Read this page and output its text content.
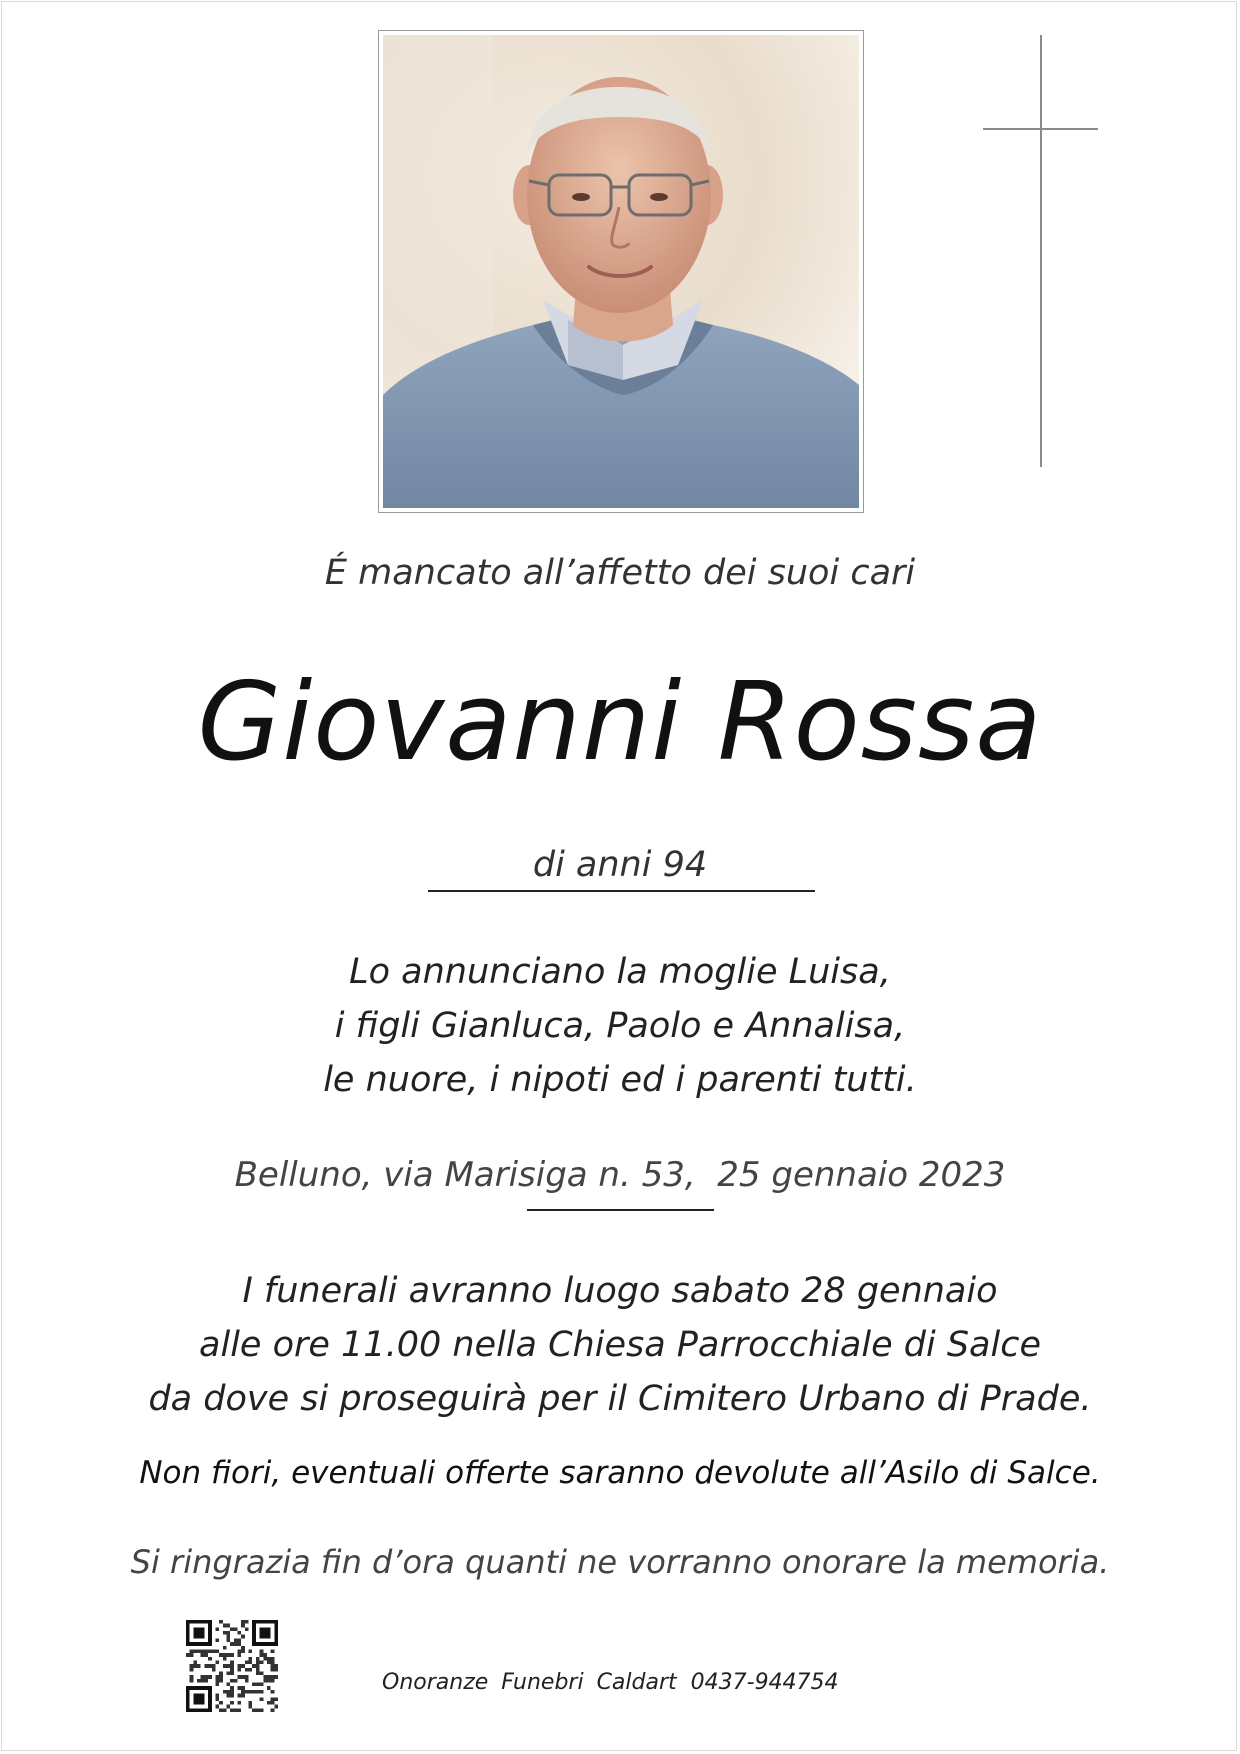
É mancato all’affetto dei suoi cari
Giovanni Rossa
di anni 94
Lo annunciano la moglie Luisa,
i figli Gianluca, Paolo e Annalisa,
le nuore, i nipoti ed i parenti tutti.
Belluno, via Marisiga n. 53, 25 gennaio 2023
I funerali avranno luogo sabato 28 gennaio
alle ore 11.00 nella Chiesa Parrocchiale di Salce
da dove si proseguirà per il Cimitero Urbano di Prade.
Non fiori, eventuali offerte saranno devolute all’Asilo di Salce.
Si ringrazia fin d’ora quanti ne vorranno onorare la memoria.
Onoranze Funebri Caldart 0437-944754
